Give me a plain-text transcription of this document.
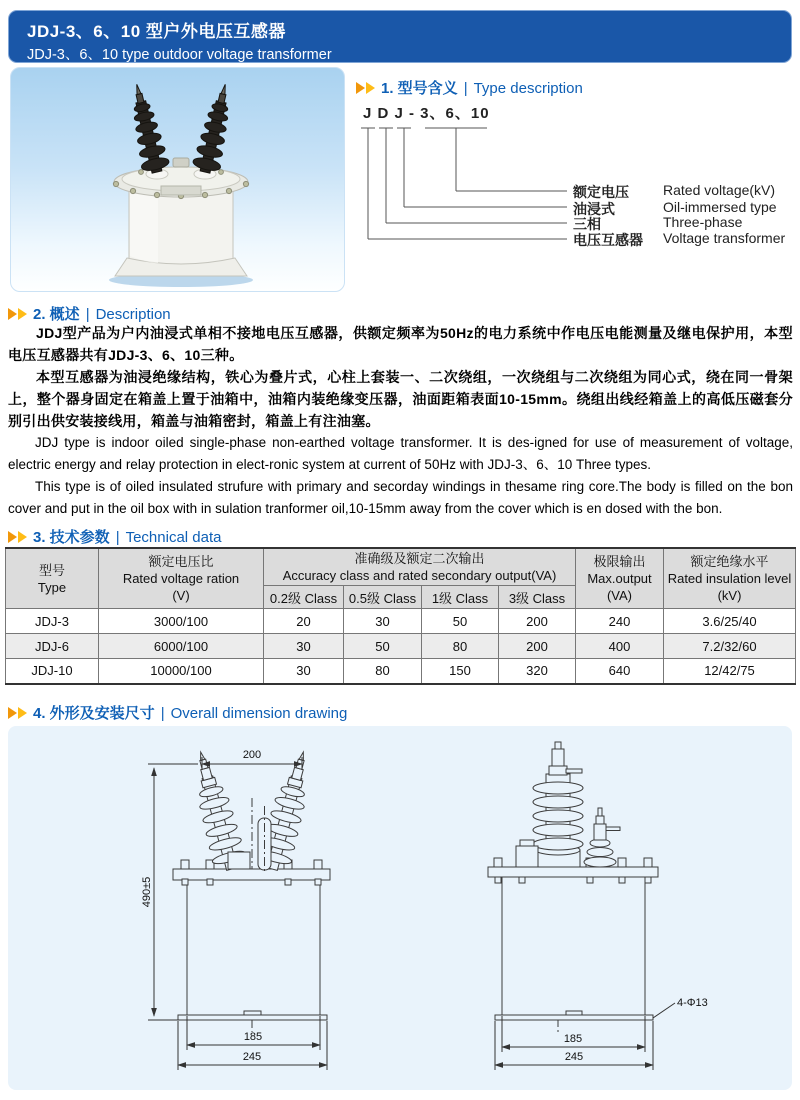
JDJ-3、6、10 型户外电压互感器
JDJ-3、6、10 type outdoor voltage transformer
1. 型号含义 | Type description
J D J - 3、6、10
额定电压
油浸式
三相
电压互感器
Rated voltage(kV)
Oil-immersed type
Three-phase
Voltage transformer
2. 概述 | Description

JDJ型产品为户内油浸式单相不接地电压互感器，供额定频率为50Hz的电力系统中作电压电能测量及继电保护用，本型电压互感器共有JDJ-3、6、10三种。

本型互感器为油浸绝缘结构，铁心为叠片式，心柱上套装一、二次绕组，一次绕组与二次绕组为同心式，绕在同一骨架上，整个器身固定在箱盖上置于油箱中，油箱内装绝缘变压器，油面距箱表面10-15mm。绕组出线经箱盖上的高低压磁套分别引出供安装接线用，箱盖与油箱密封，箱盖上有注油塞。

JDJ type is indoor oiled single-phase non-earthed voltage transformer. It is des-igned for use of measurement of voltage, electric energy and relay protection in elect-ronic system at current of 50Hz with JDJ-3、6、10 Three types.

This type is of oiled insulated strufure with primary and secorday windings in thesame ring core.The body is filled on the bon cover and put in the oil box with in sulation tranformer oil,10-15mm away from the cover which is en dosed with the bon.

3. 技术参数 | Technical data
型号
Type	额定电压比
Rated voltage ration
(V)	准确级及额定二次输出
Accuracy class and rated secondary output(VA)				极限输出
Max.output
(VA)	额定绝缘水平
Rated insulation level
(kV)

		0.2级 Class	0.5级 Class	1级 Class	3级 Class		
JDJ-3	3000/100	20	30	50	200	240	3.6/25/40
JDJ-6	6000/100	30	50	80	200	400	7.2/32/60
JDJ-10	10000/100	30	80	150	320	640	12/42/75
4. 外形及安装尺寸 | Overall dimension drawing
200
490±5
185
245
185
245
4-Φ13
